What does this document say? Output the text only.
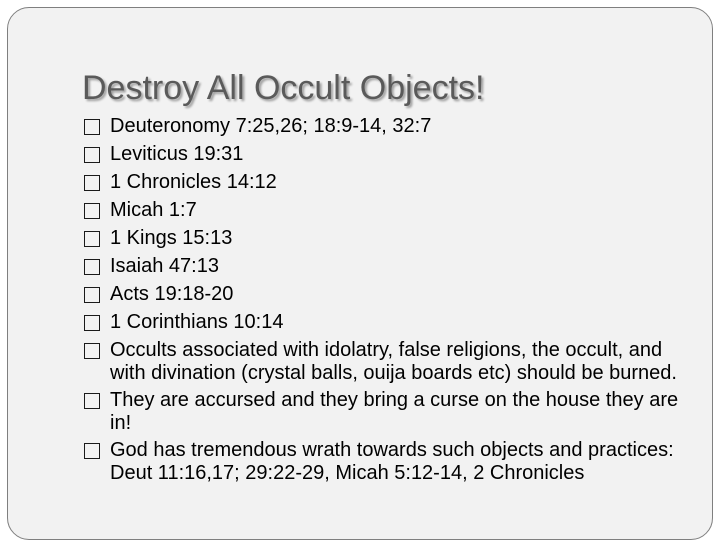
Destroy All Occult Objects!
Deuteronomy 7:25,26; 18:9-14, 32:7
Leviticus 19:31
1 Chronicles 14:12
Micah 1:7
1 Kings 15:13
Isaiah 47:13
Acts 19:18-20
1 Corinthians 10:14
Occults associated with idolatry, false religions, the occult, and with divination (crystal balls, ouija boards etc) should be burned.
They are accursed and they bring a curse on the house they are in!
God has tremendous wrath towards such objects and practices: Deut 11:16,17; 29:22-29, Micah 5:12-14, 2 Chronicles
